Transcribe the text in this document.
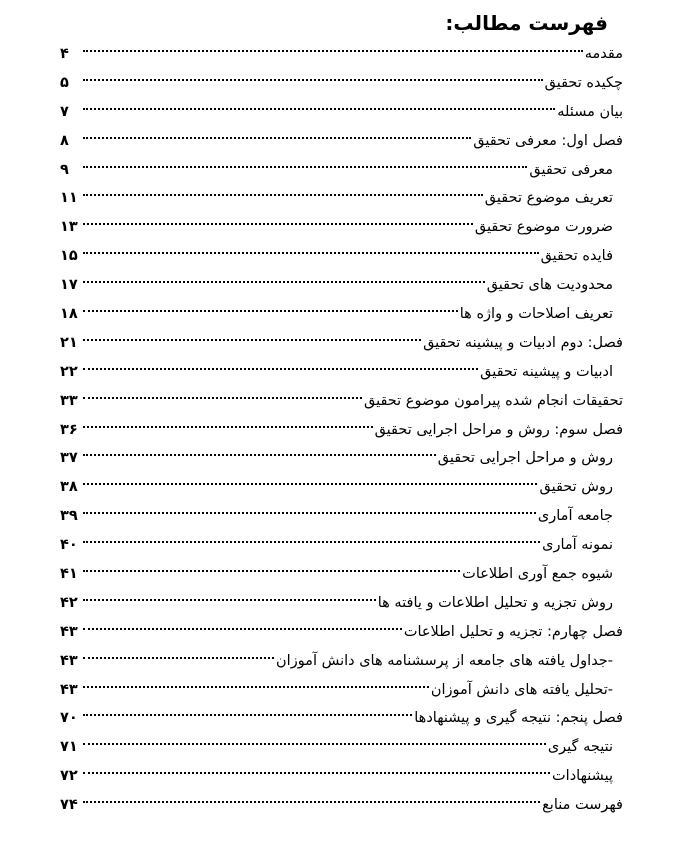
فهرست مطالب:
مقدمه
۴
چکیده تحقیق
۵
بیان مسئله
۷
فصل اول: معرفی تحقیق
۸
معرفی تحقیق
۹
تعریف موضوع تحقیق
۱۱
ضرورت موضوع تحقیق
۱۳
فایده تحقیق
۱۵
محدودیت های تحقیق
۱۷
تعریف اصلاحات و واژه ها
۱۸
فصل: دوم ادبیات و پیشینه تحقیق
۲۱
ادبیات و پیشینه تحقیق
۲۲
تحقیقات انجام شده پیرامون موضوع تحقیق
۳۳
فصل سوم: روش و مراحل اجرایی تحقیق
۳۶
روش و مراحل اجرایی تحقیق
۳۷
روش تحقیق
۳۸
جامعه آماری
۳۹
نمونه آماری
۴۰
شیوه جمع آوری اطلاعات
۴۱
روش تجزیه و تحلیل اطلاعات و یافته ها
۴۲
فصل چهارم: تجزیه و تحلیل اطلاعات
۴۳
-جداول یافته های جامعه از پرسشنامه های دانش آموزان
۴۳
-تحلیل یافته های دانش آموزان
۴۳
فصل پنجم: نتیجه گیری و پیشنهادها
۷۰
نتیجه گیری
۷۱
پیشنهادات
۷۲
فهرست منابع
۷۴
